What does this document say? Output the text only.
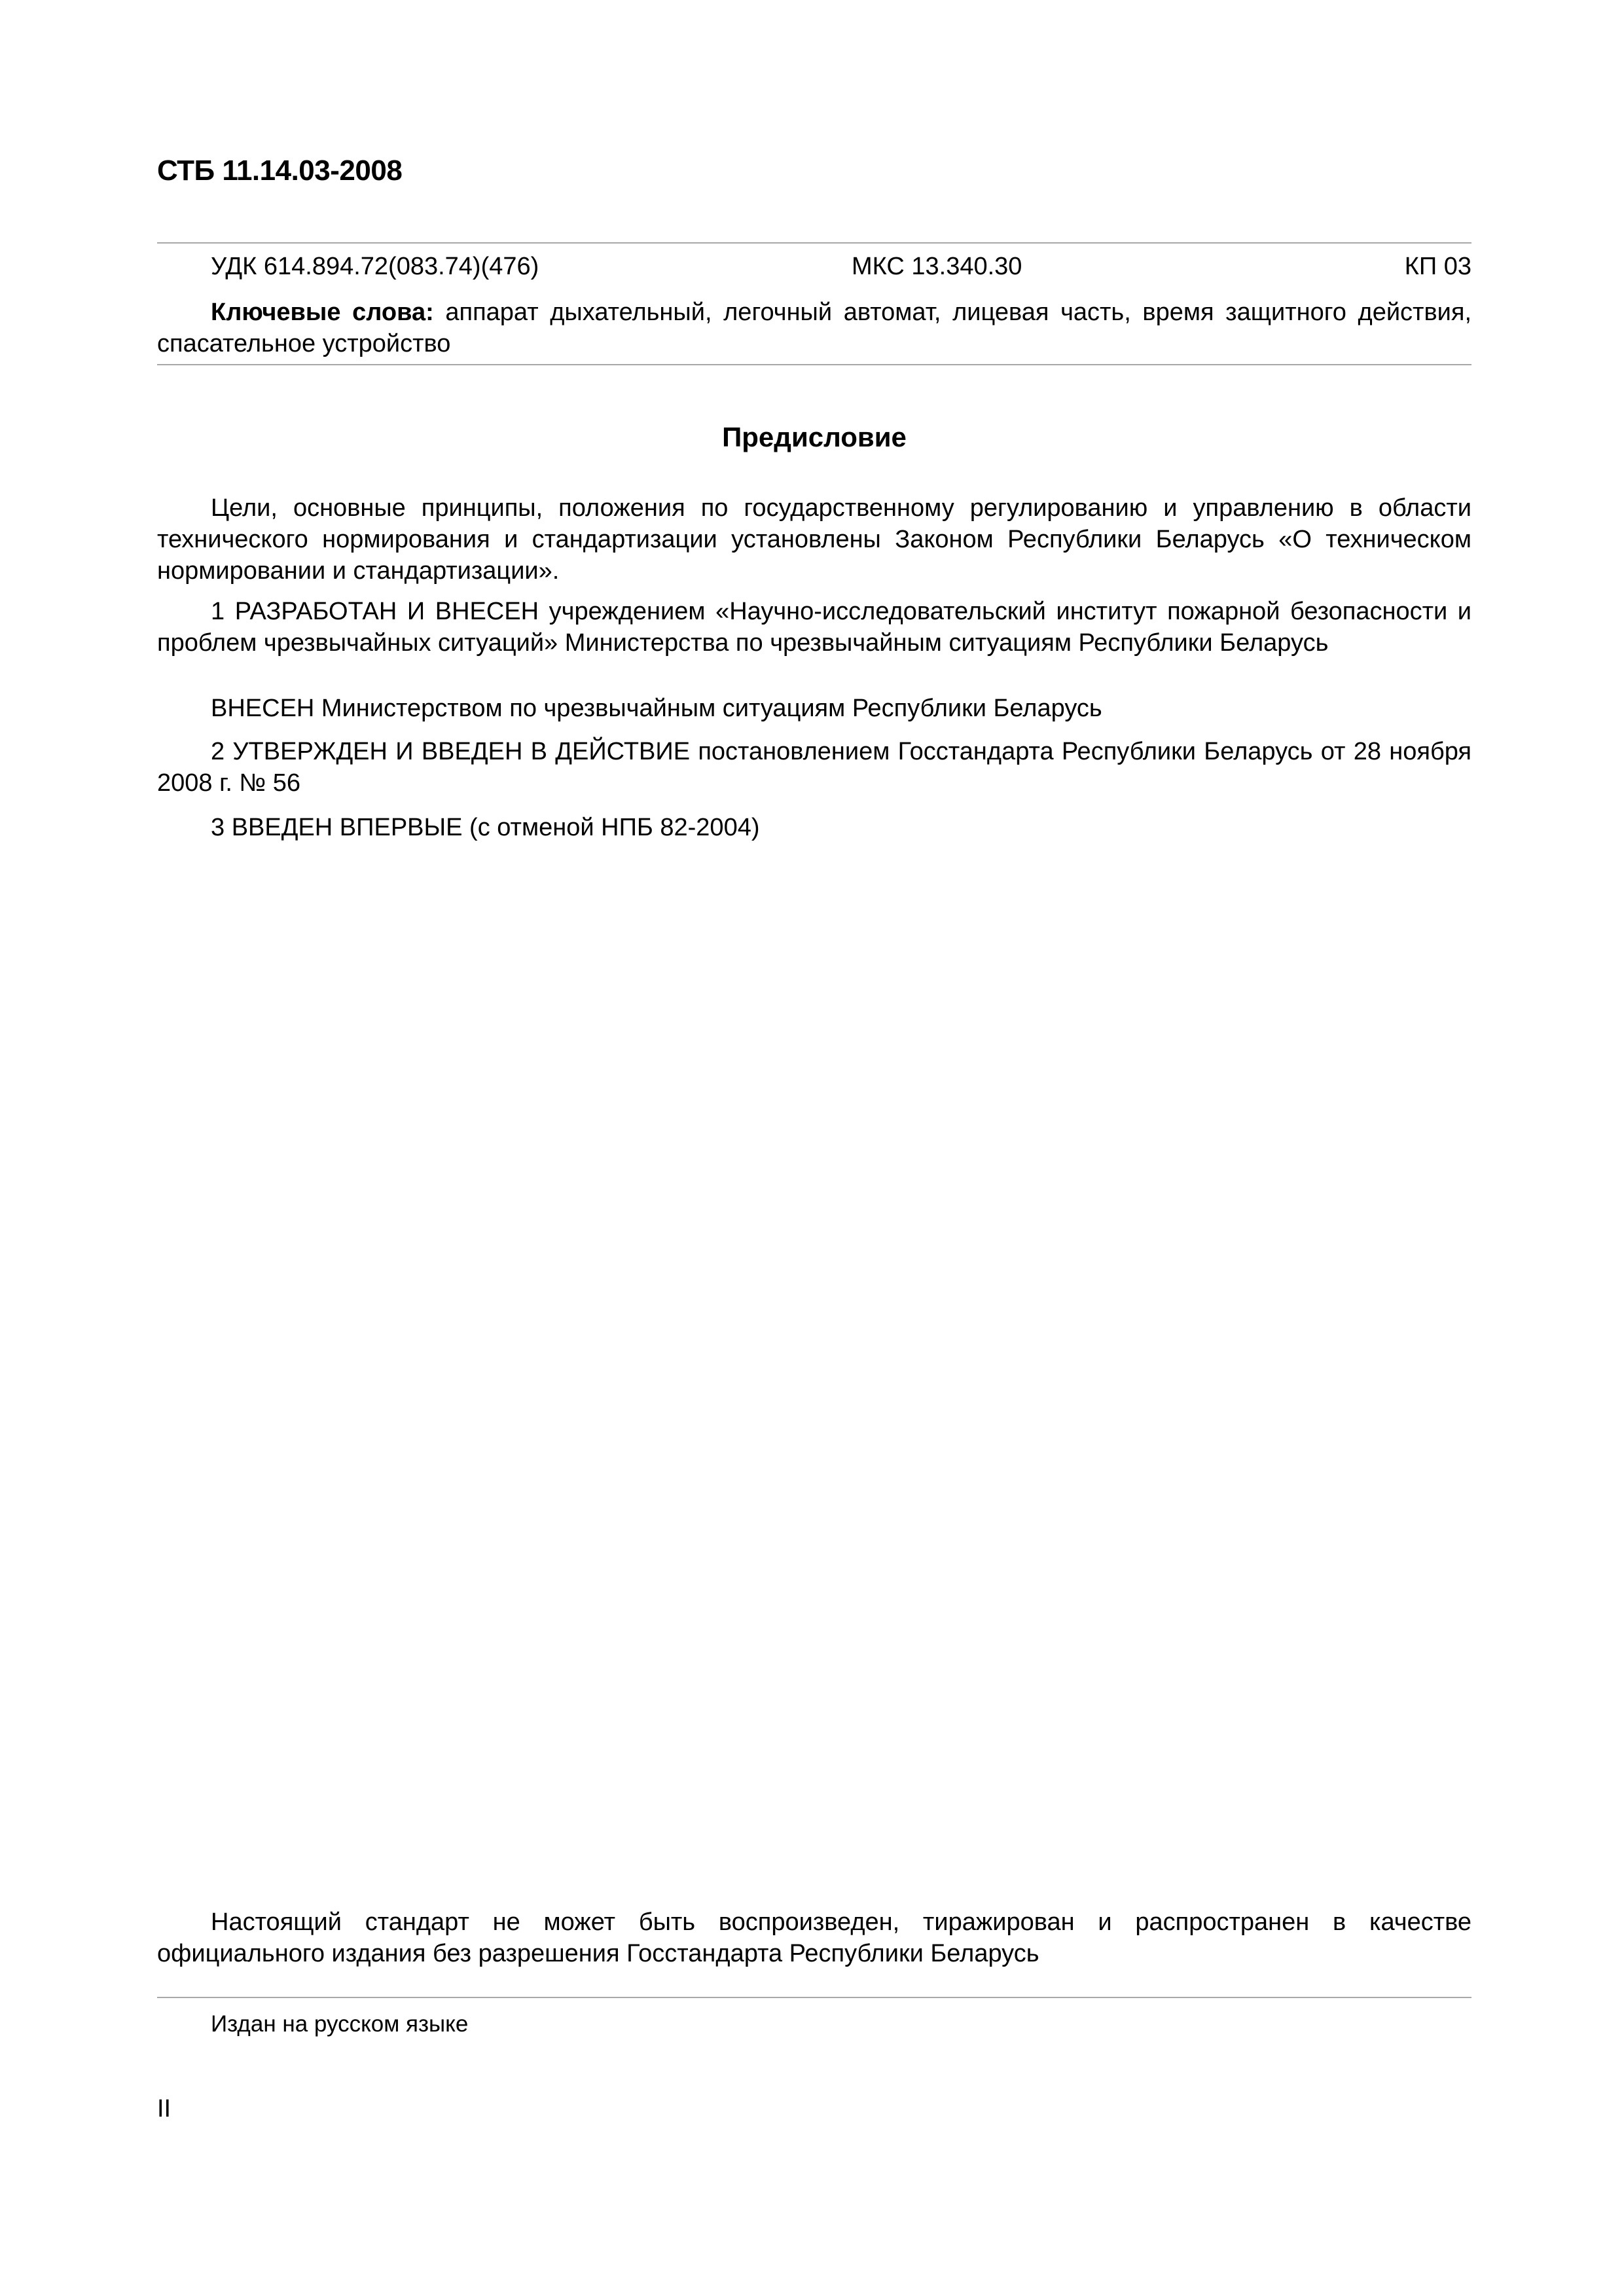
СТБ 11.14.03-2008
УДК 614.894.72(083.74)(476)	МКС 13.340.30	КП 03

Ключевые слова: аппарат дыхательный, легочный автомат, лицевая часть, время защитного действия, спасательное устройство

Предисловие

Цели, основные принципы, положения по государственному регулированию и управлению в области технического нормирования и стандартизации установлены Законом Республики Беларусь «О техническом нормировании и стандартизации».

1 РАЗРАБОТАН И ВНЕСЕН учреждением «Научно-исследовательский институт пожарной безопасности и проблем чрезвычайных ситуаций» Министерства по чрезвычайным ситуациям Республики Беларусь

ВНЕСЕН Министерством по чрезвычайным ситуациям Республики Беларусь

2 УТВЕРЖДЕН И ВВЕДЕН В ДЕЙСТВИЕ постановлением Госстандарта Республики Беларусь от 28 ноября 2008 г. № 56

3 ВВЕДЕН ВПЕРВЫЕ (с отменой НПБ 82-2004)

Настоящий стандарт не может быть воспроизведен, тиражирован и распространен в качестве официального издания без разрешения Госстандарта Республики Беларусь

Издан на русском языке
II
